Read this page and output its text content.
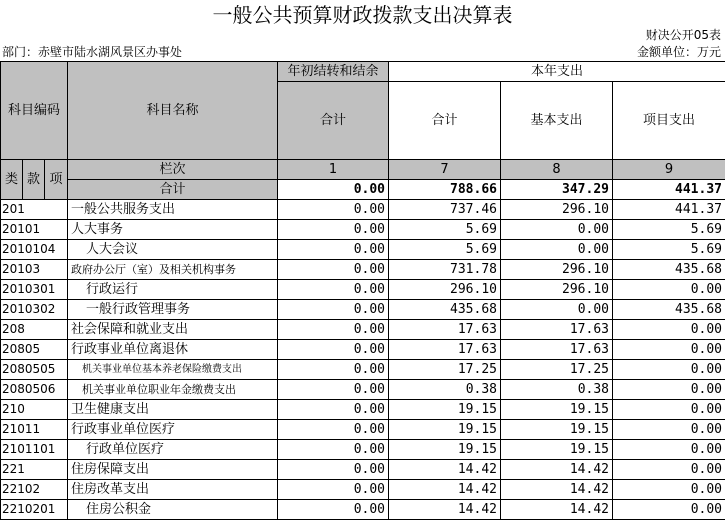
一般公共预算财政拨款支出决算表
财决公开05表
部门：赤壁市陆水湖风景区办事处	金额单位：万元
科目编码			科目名称	年初结转和结余	本年支出		
				合计	合计	基本支出	项目支出

类	款	项	栏次	1	7	8	9
			合计	0.00	788.66	347.29	441.37
201			一般公共服务支出	0.00	737.46	296.10	441.37
20101			人大事务	0.00	5.69	0.00	5.69
2010104			人大会议	0.00	5.69	0.00	5.69
20103			政府办公厅（室）及相关机构事务	0.00	731.78	296.10	435.68
2010301			行政运行	0.00	296.10	296.10	0.00
2010302			一般行政管理事务	0.00	435.68	0.00	435.68
208			社会保障和就业支出	0.00	17.63	17.63	0.00
20805			行政事业单位离退休	0.00	17.63	17.63	0.00
2080505			机关事业单位基本养老保险缴费支出	0.00	17.25	17.25	0.00
2080506			机关事业单位职业年金缴费支出	0.00	0.38	0.38	0.00
210			卫生健康支出	0.00	19.15	19.15	0.00
21011			行政事业单位医疗	0.00	19.15	19.15	0.00
2101101			行政单位医疗	0.00	19.15	19.15	0.00
221			住房保障支出	0.00	14.42	14.42	0.00
22102			住房改革支出	0.00	14.42	14.42	0.00
2210201			住房公积金	0.00	14.42	14.42	0.00
